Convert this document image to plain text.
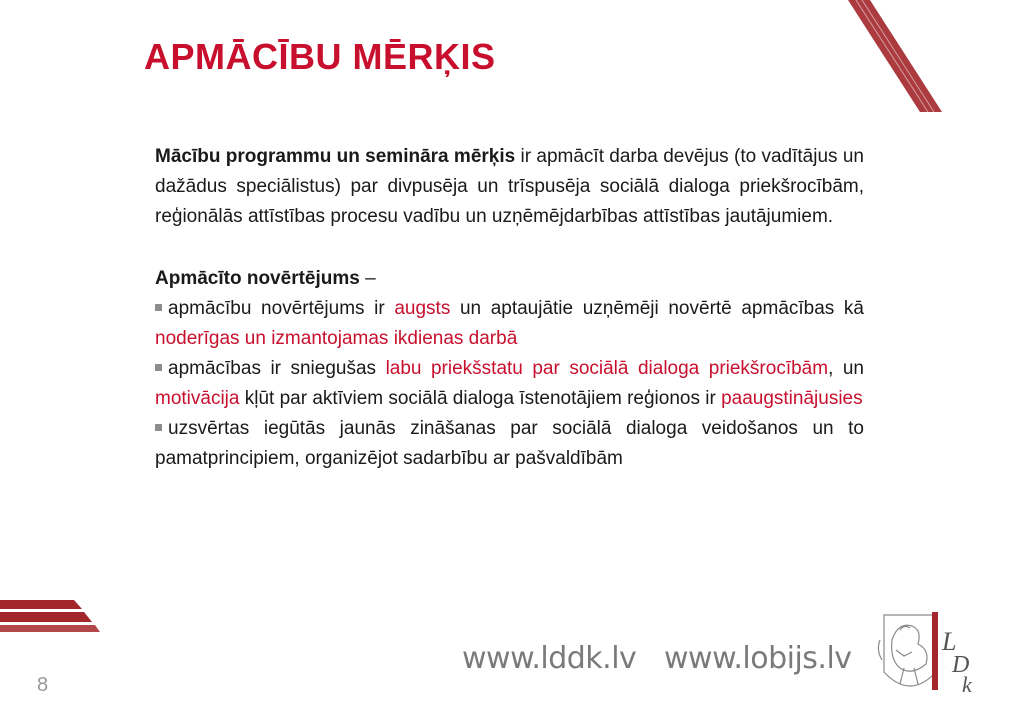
APMĀCĪBU MĒRĶIS

Mācību programmu un semināra mērķis ir apmācīt darba devējus (to vadītājus un dažādus speciālistus) par divpusēja un trīspusēja sociālā dialoga priekšrocībām, reģionālās attīstības procesu vadību un uzņēmējdarbības attīstības jautājumiem.

Apmācīto novērtējums –

apmācību novērtējums ir augsts un aptaujātie uzņēmēji novērtē apmācības kā noderīgas un izmantojamas ikdienas darbā

apmācības ir sniegušas labu priekšstatu par sociālā dialoga priekšrocībām, un motivācija kļūt par aktīviem sociālā dialoga īstenotājiem reģionos ir paaugstinājusies

uzsvērtas iegūtās jaunās zināšanas par sociālā dialoga veidošanos un to pamatprincipiem, organizējot sadarbību ar pašvaldībām

www.lddk.lv www.lobijs.lv	L
D
k
8
